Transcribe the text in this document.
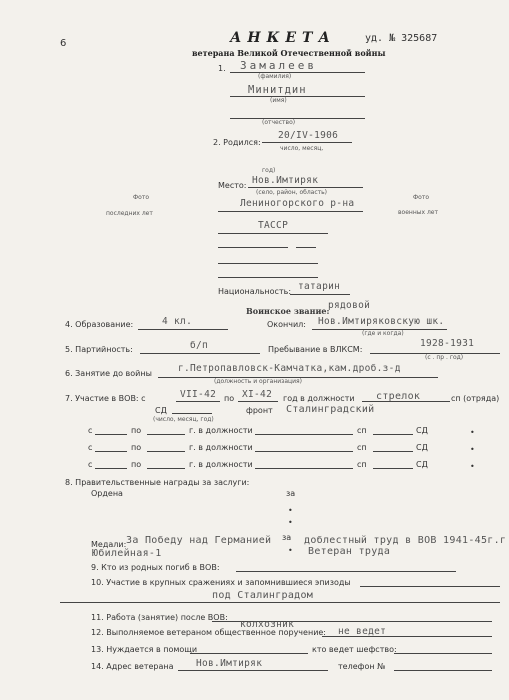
6	АНКЕТА	уд. № 325687
ветерана Великой Отечественной войны
1. Замалеев
(фамилия)
Минитдин
(имя)
(отчество)
2. Родился:
20/IV-1906
число, месяц,
год)
Место: Нов.Имтиряк
(село, район, область)
Лениногорского р-на
ТАССР
Фото
последних лет
Фото
военных лет
Национальность: татарин
Воинское звание:
рядовой
4. Образование:	4 кл.	Окончил: Нов.Имтиряковскую шк.
(где и когда)
5. Партийность:	б/п	Пребывание в ВЛКСМ:
1928-1931
(с . пр . год)
6. Занятие до войны	г.Петропавловск-Камчатка,кам.дроб.з-д
(должность и организация)
7. Участие в ВОВ: с	VII-42 по XI-42 год в должности стрелок	сп (отряда)
СД
(число, месяц, год)
фронт Сталинградский
с	по	г. в должности	сп	СД	•
с	по	г. в должности	сп	СД	•
с	по	г. в должности	сп	СД	•
8. Правительственные награды за заслуги:
Ордена	за
•
•
за
Медали: За Победу над Германией	доблестный труд в ВОВ 1941-45г.г
•
Юбилейная-1	Ветеран труда
9. Кто из родных погиб в ВОВ:
10. Участие в крупных сражениях и запомнившиеся эпизоды
под Сталинградом
11. Работа (занятие) после ВОВ:
колхозник
12. Выполняемое ветераном общественное поручение: не ведет
13. Нуждается в помощи	кто ведет шефство:
14. Адрес ветерана Нов.Имтиряк	телефон №
